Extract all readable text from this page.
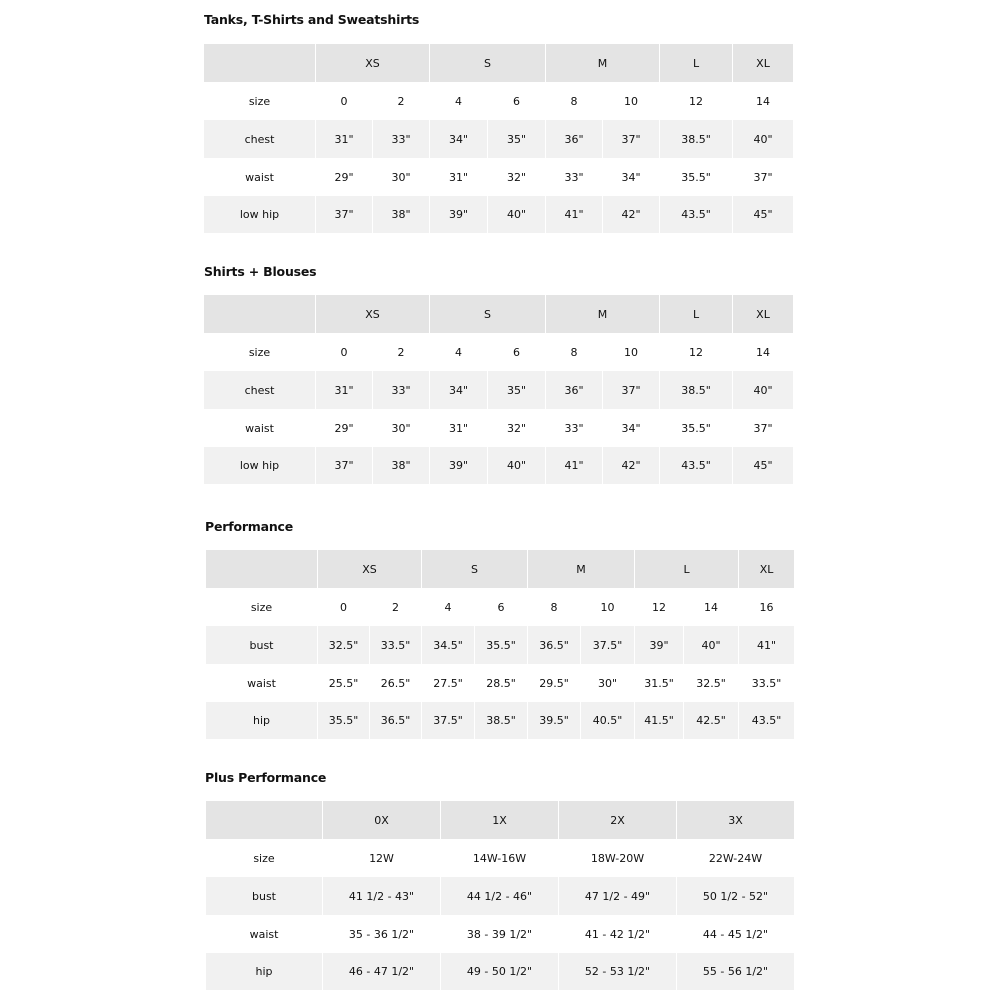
Tanks, T-Shirts and Sweatshirts
	XS		S		M		L	XL
size	0	2	4	6	8	10	12	14
chest	31"	33"	34"	35"	36"	37"	38.5"	40"
waist	29"	30"	31"	32"	33"	34"	35.5"	37"
low hip	37"	38"	39"	40"	41"	42"	43.5"	45"
Shirts + Blouses
	XS		S		M		L	XL
size	0	2	4	6	8	10	12	14
chest	31"	33"	34"	35"	36"	37"	38.5"	40"
waist	29"	30"	31"	32"	33"	34"	35.5"	37"
low hip	37"	38"	39"	40"	41"	42"	43.5"	45"
Performance
	XS		S		M		L		XL
size	0	2	4	6	8	10	12	14	16
bust	32.5"	33.5"	34.5"	35.5"	36.5"	37.5"	39"	40"	41"
waist	25.5"	26.5"	27.5"	28.5"	29.5"	30"	31.5"	32.5"	33.5"
hip	35.5"	36.5"	37.5"	38.5"	39.5"	40.5"	41.5"	42.5"	43.5"
Plus Performance
	0X	1X	2X	3X
size	12W	14W-16W	18W-20W	22W-24W
bust	41 1/2 - 43"	44 1/2 - 46"	47 1/2 - 49"	50 1/2 - 52"
waist	35 - 36 1/2"	38 - 39 1/2"	41 - 42 1/2"	44 - 45 1/2"
hip	46 - 47 1/2"	49 - 50 1/2"	52 - 53 1/2"	55 - 56 1/2"
